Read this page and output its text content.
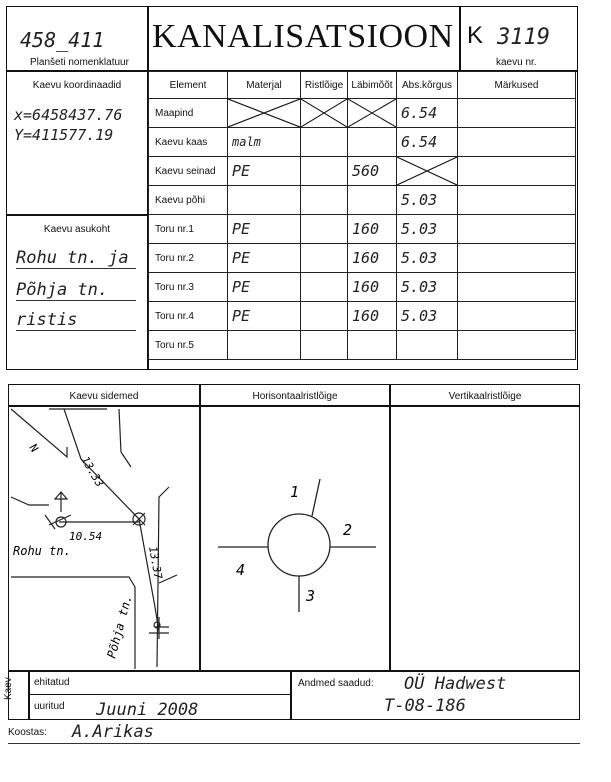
458_411
Planšeti nomenklatuur
KANALISATSIOON K 3119
kaevu nr.
Kaevu koordinaadid
x=6458437.76
Y=411577.19
Kaevu asukoht
Rohu tn. ja
Põhja tn.
ristis
Element	Materjal	Ristlõige	Läbimõõt	Abs.kõrgus	Märkused
Maapind				6.54	
Kaevu kaas	malm			6.54	
Kaevu seinad	PE		560	

Kaevu põhi				5.03	
Toru nr.1	PE		160	5.03	
Toru nr.2	PE		160	5.03	
Toru nr.3	PE		160	5.03	
Toru nr.4	PE		160	5.03	
Toru nr.5					
Kaevu sidemed	Horisontaalristlõige	Vertikaalristlõige
N
13.33
10.54
13.37
Rohu tn.
Põhja tn.
1
2
3
4
Kaev ehitatud
uuritud Juuni 2008
Andmed saadud: OÜ Hadwest
T-08-186
Koostas: A.Arikas
